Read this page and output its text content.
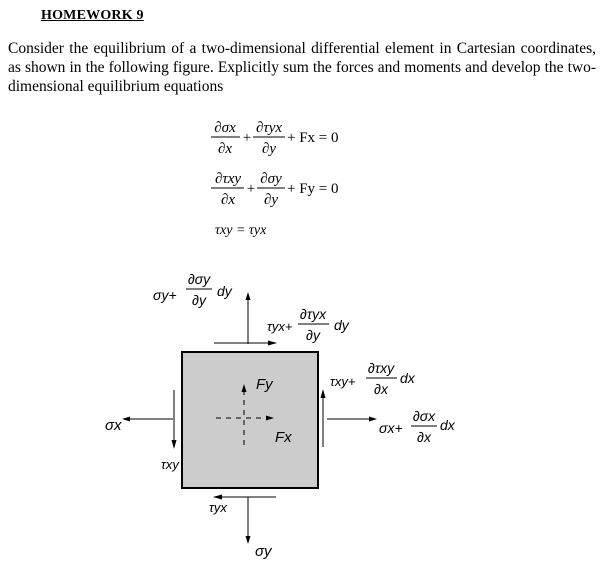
HOMEWORK 9
Consider the equilibrium of a two-dimensional differential element in Cartesian coordinates, as shown in the following figure. Explicitly sum the forces and moments and develop the two-dimensional equilibrium equations
∂σx
∂x
+
∂τyx
∂y
+ Fx = 0
∂τxy
∂x
+
∂σy
∂y
+ Fy = 0
τxy = τyx
σy+
∂σy
∂y
dy
τyx+
∂τyx
∂y
dy
τxy+
∂τxy
∂x
dx
σx+
∂σx
∂x
dx
σx
τxy
τyx
σy
Fy
Fx
